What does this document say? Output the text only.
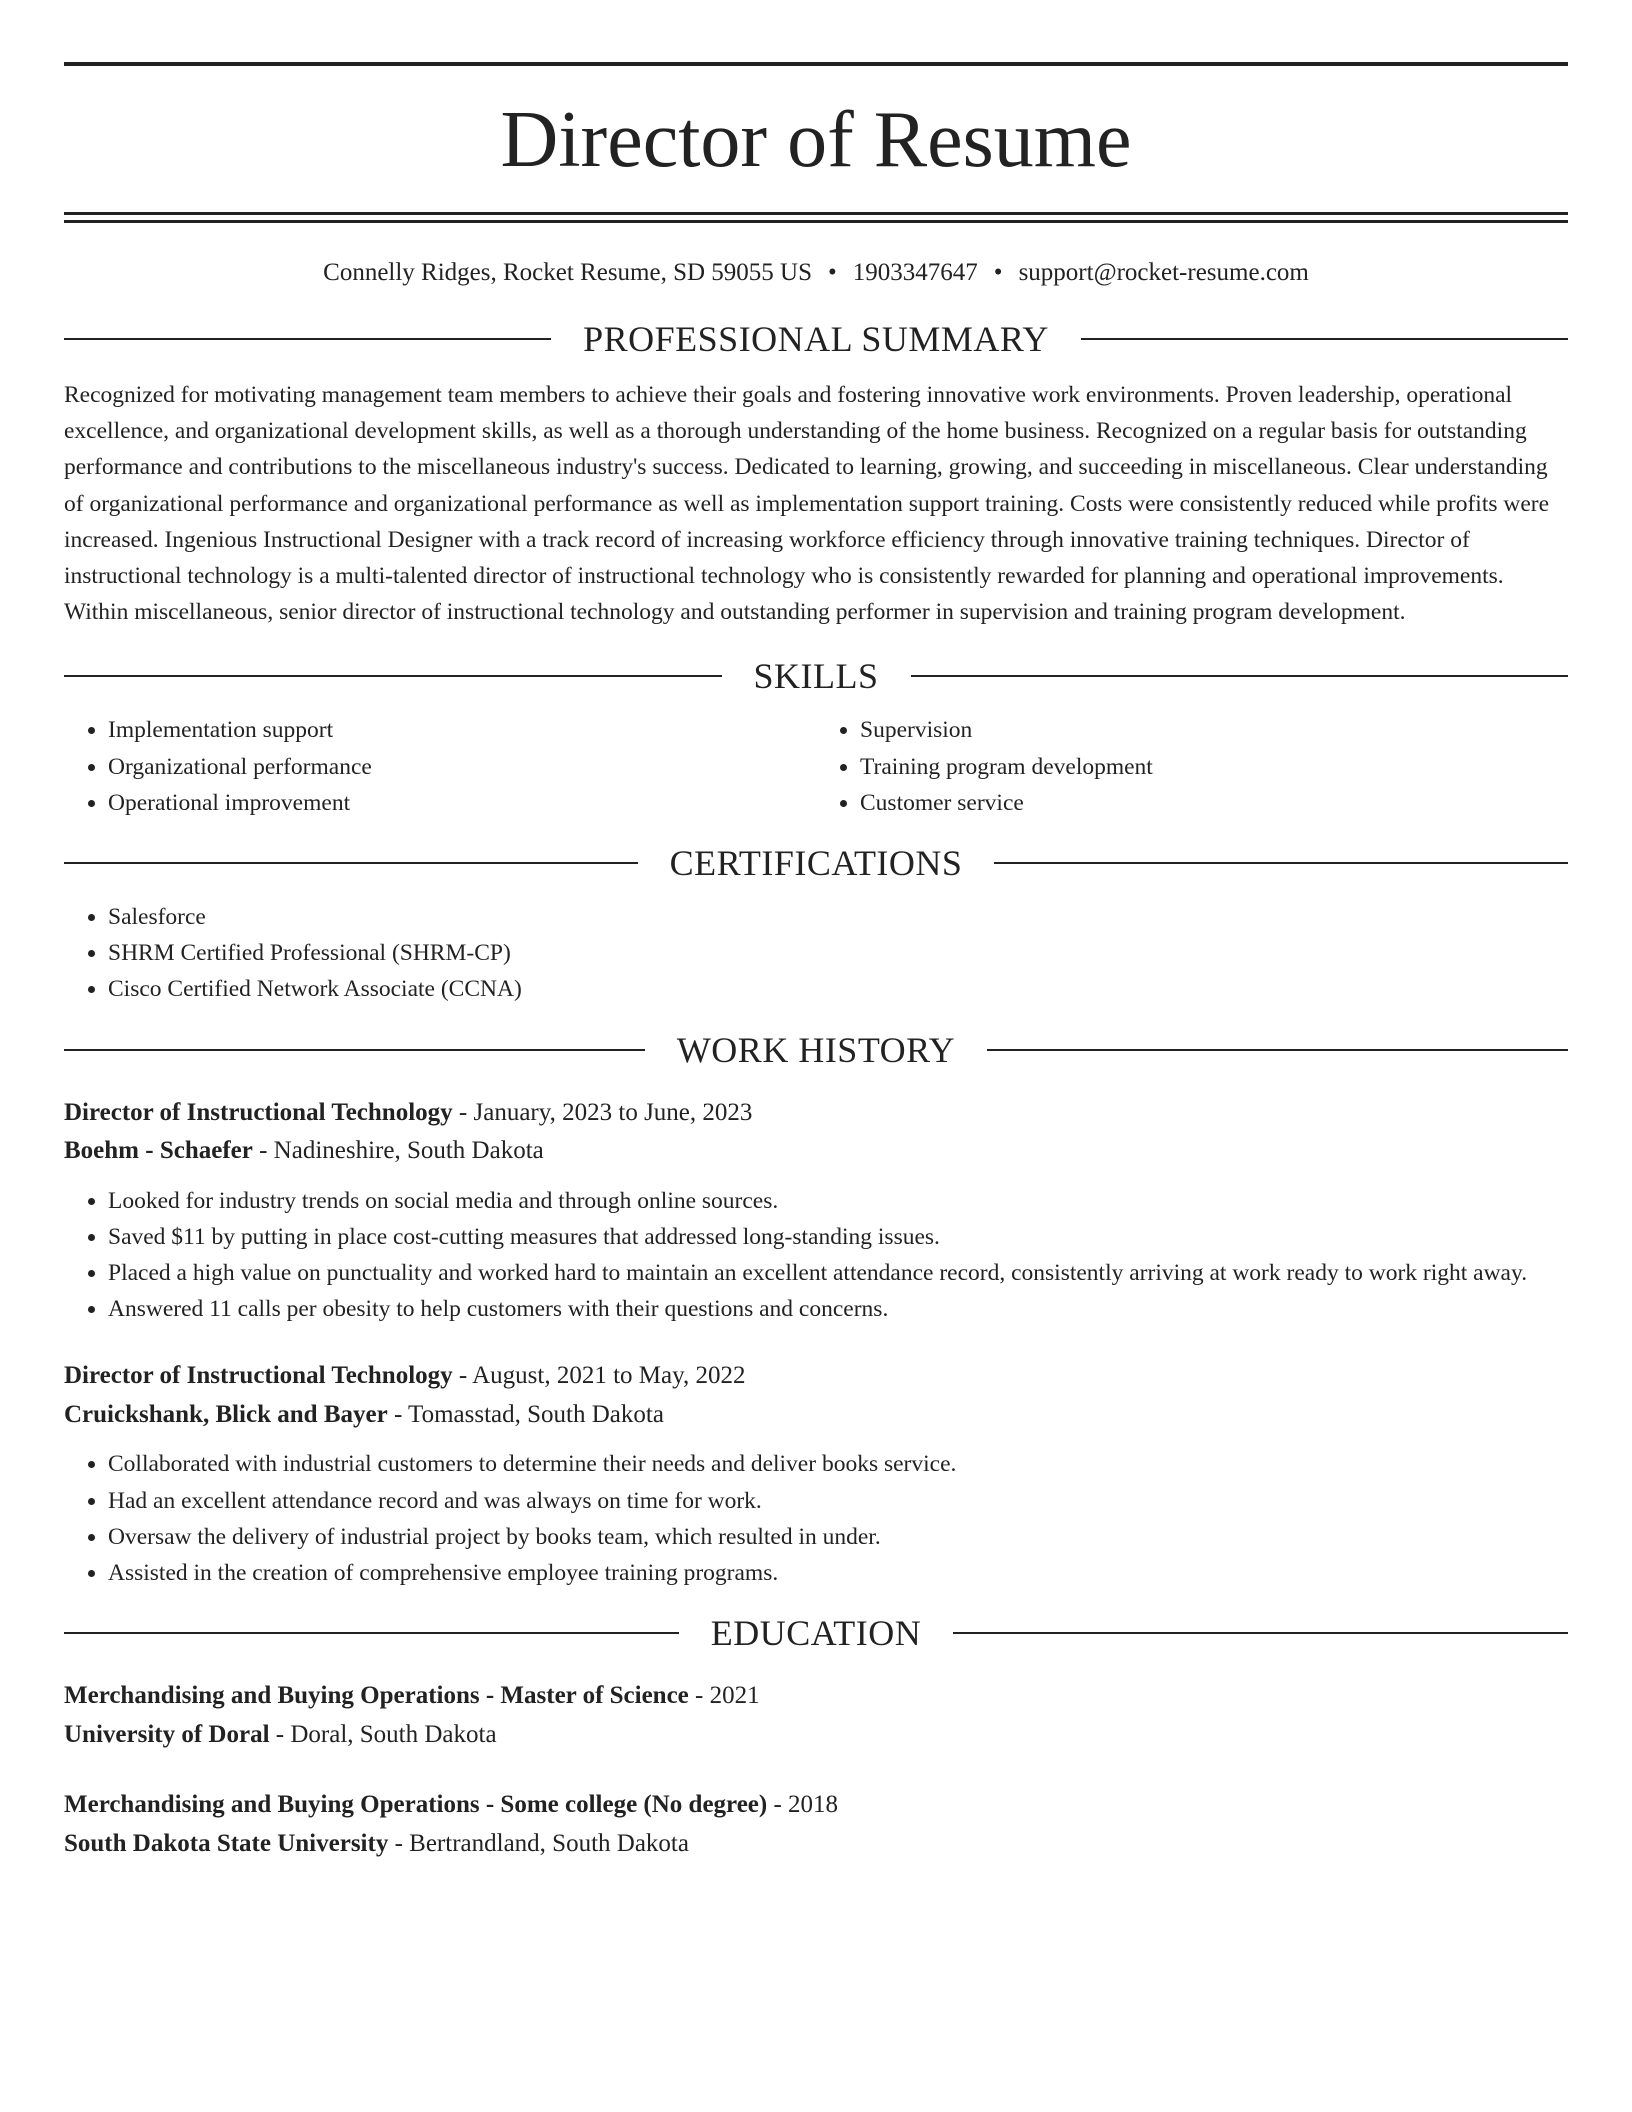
Director of Resume
Connelly Ridges, Rocket Resume, SD 59055 US • 1903347647 • support@rocket-resume.com
PROFESSIONAL SUMMARY
Recognized for motivating management team members to achieve their goals and fostering innovative work environments. Proven leadership, operational excellence, and organizational development skills, as well as a thorough understanding of the home business. Recognized on a regular basis for outstanding performance and contributions to the miscellaneous industry's success. Dedicated to learning, growing, and succeeding in miscellaneous. Clear understanding of organizational performance and organizational performance as well as implementation support training. Costs were consistently reduced while profits were increased. Ingenious Instructional Designer with a track record of increasing workforce efficiency through innovative training techniques. Director of instructional technology is a multi-talented director of instructional technology who is consistently rewarded for planning and operational improvements. Within miscellaneous, senior director of instructional technology and outstanding performer in supervision and training program development.
SKILLS
• Implementation support
• Organizational performance
• Operational improvement
• Supervision
• Training program development
• Customer service
CERTIFICATIONS
• Salesforce
• SHRM Certified Professional (SHRM-CP)
• Cisco Certified Network Associate (CCNA)
WORK HISTORY
Director of Instructional Technology - January, 2023 to June, 2023
Boehm - Schaefer - Nadineshire, South Dakota
• Looked for industry trends on social media and through online sources.
• Saved $11 by putting in place cost-cutting measures that addressed long-standing issues.
• Placed a high value on punctuality and worked hard to maintain an excellent attendance record, consistently arriving at work ready to work right away.
• Answered 11 calls per obesity to help customers with their questions and concerns.
Director of Instructional Technology - August, 2021 to May, 2022
Cruickshank, Blick and Bayer - Tomasstad, South Dakota
• Collaborated with industrial customers to determine their needs and deliver books service.
• Had an excellent attendance record and was always on time for work.
• Oversaw the delivery of industrial project by books team, which resulted in under.
• Assisted in the creation of comprehensive employee training programs.
EDUCATION
Merchandising and Buying Operations - Master of Science - 2021
University of Doral - Doral, South Dakota
Merchandising and Buying Operations - Some college (No degree) - 2018
South Dakota State University - Bertrandland, South Dakota
